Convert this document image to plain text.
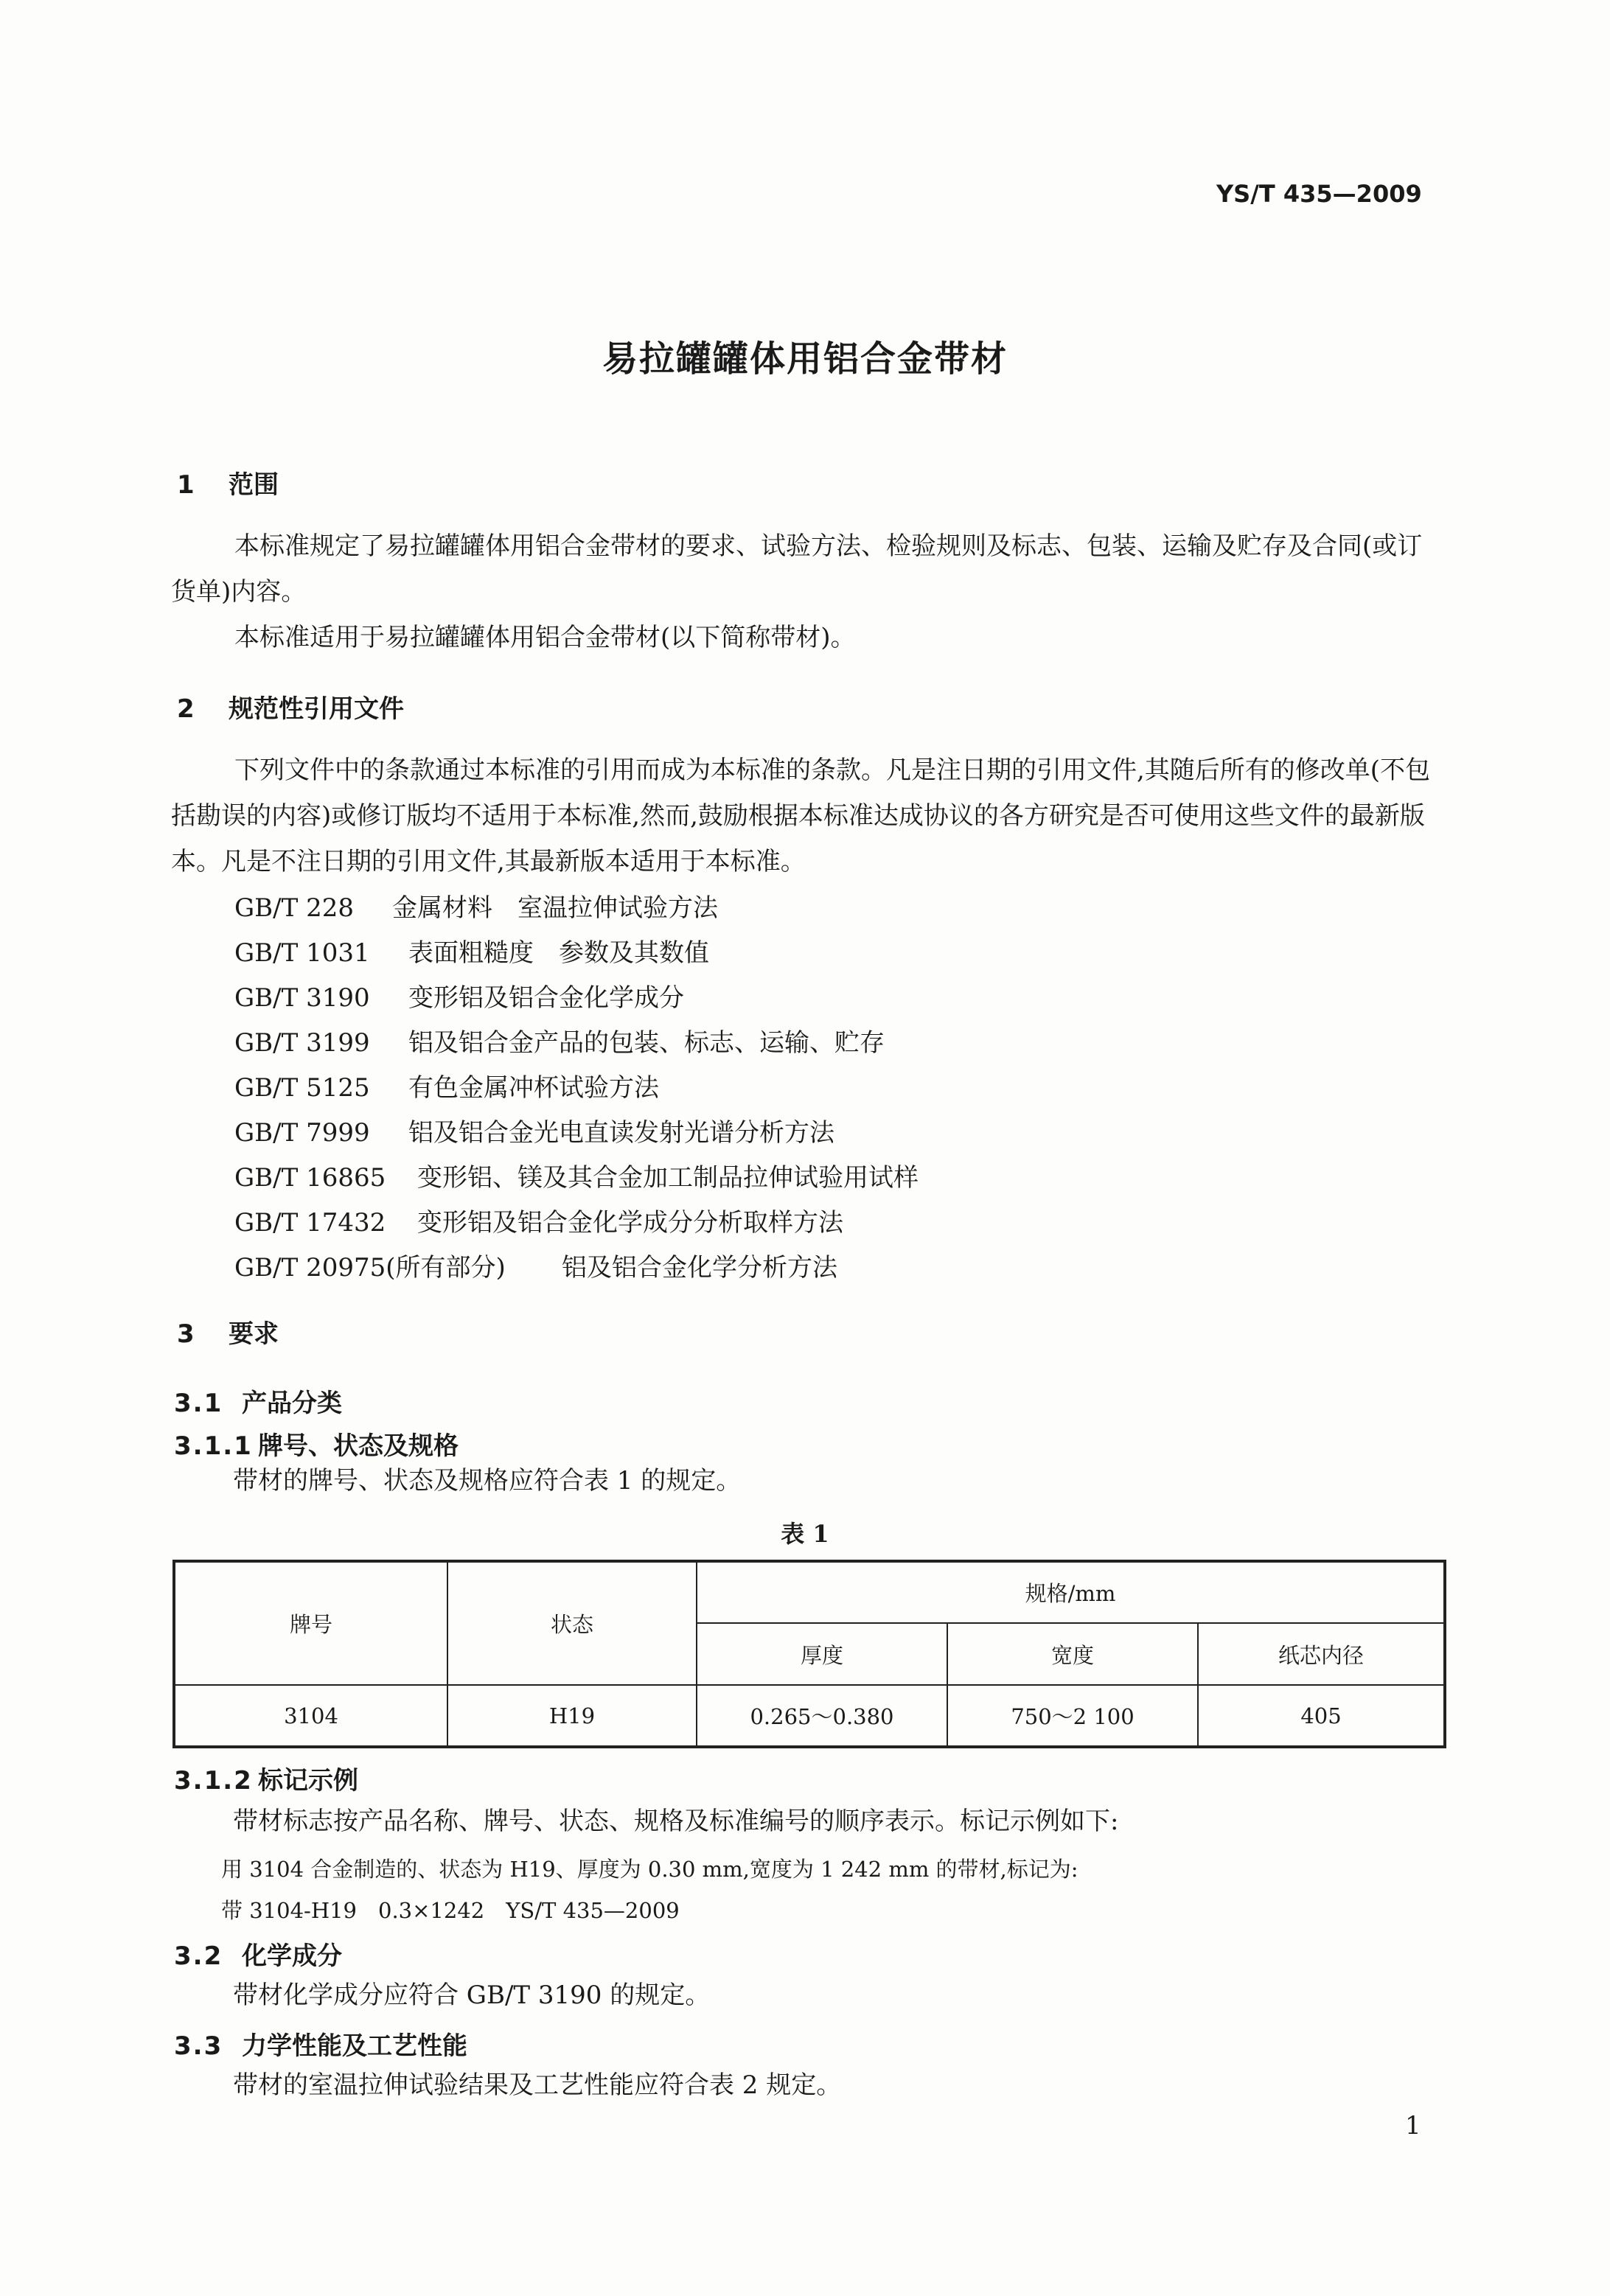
YS/T 435—2009
易拉罐罐体用铝合金带材
1 范围
本标准规定了易拉罐罐体用铝合金带材的要求、试验方法、检验规则及标志、包装、运输及贮存及合同(或订货单)内容。
本标准适用于易拉罐罐体用铝合金带材(以下简称带材)。
2 规范性引用文件
下列文件中的条款通过本标准的引用而成为本标准的条款。凡是注日期的引用文件,其随后所有的修改单(不包括勘误的内容)或修订版均不适用于本标准,然而,鼓励根据本标准达成协议的各方研究是否可使用这些文件的最新版本。凡是不注日期的引用文件,其最新版本适用于本标准。
GB/T 228 金属材料　室温拉伸试验方法
GB/T 1031 表面粗糙度　参数及其数值
GB/T 3190 变形铝及铝合金化学成分
GB/T 3199 铝及铝合金产品的包装、标志、运输、贮存
GB/T 5125 有色金属冲杯试验方法
GB/T 7999 铝及铝合金光电直读发射光谱分析方法
GB/T 16865 变形铝、镁及其合金加工制品拉伸试验用试样
GB/T 17432 变形铝及铝合金化学成分分析取样方法
GB/T 20975(所有部分) 铝及铝合金化学分析方法
3 要求
3.1 产品分类
3.1.1 牌号、状态及规格
带材的牌号、状态及规格应符合表 1 的规定。
表 1
牌号	状态	规格/mm		
		厚度	宽度	纸芯内径
3104	H19	0.265～0.380	750～2 100	405
3.1.2 标记示例
带材标志按产品名称、牌号、状态、规格及标准编号的顺序表示。标记示例如下:
用 3104 合金制造的、状态为 H19、厚度为 0.30 mm,宽度为 1 242 mm 的带材,标记为:
带 3104-H19　0.3×1242　YS/T 435—2009
3.2 化学成分
带材化学成分应符合 GB/T 3190 的规定。
3.3 力学性能及工艺性能
带材的室温拉伸试验结果及工艺性能应符合表 2 规定。
1
